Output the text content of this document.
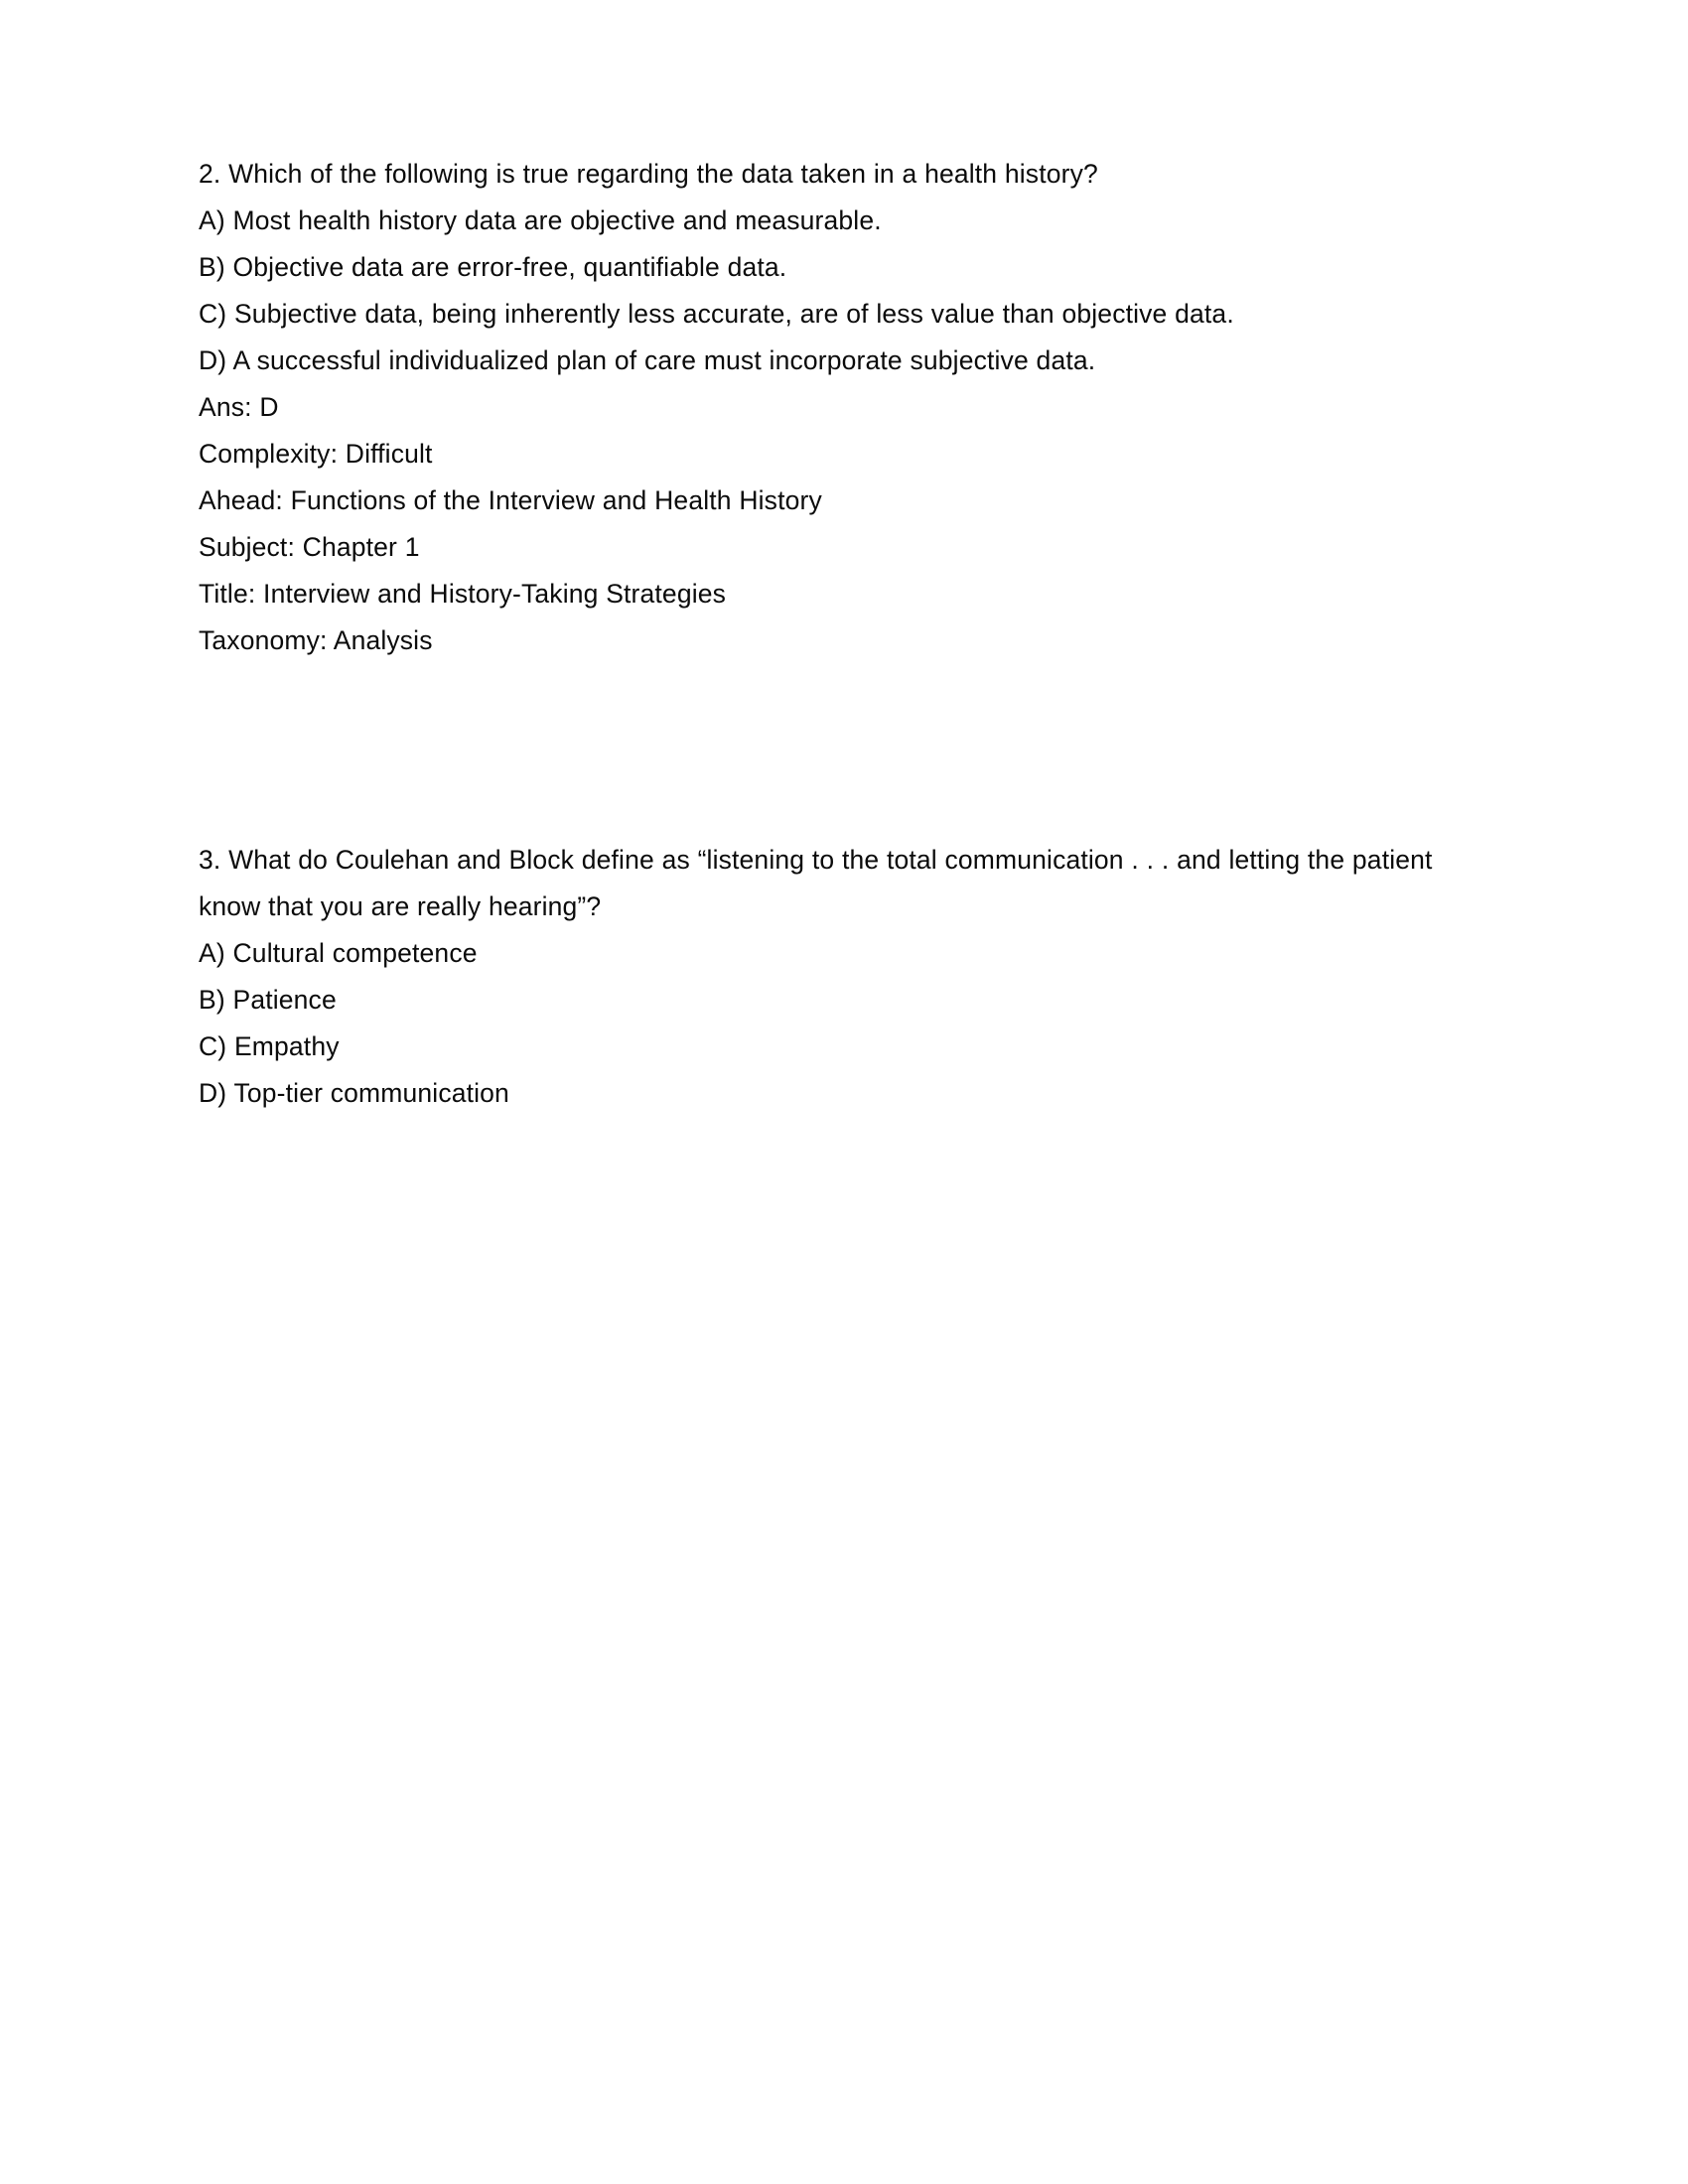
2. Which of the following is true regarding the data taken in a health history?
A) Most health history data are objective and measurable.
B) Objective data are error-free, quantifiable data.
C) Subjective data, being inherently less accurate, are of less value than objective data.
D) A successful individualized plan of care must incorporate subjective data.
Ans: D
Complexity: Difficult
Ahead: Functions of the Interview and Health History
Subject: Chapter 1
Title: Interview and History-Taking Strategies
Taxonomy: Analysis
3. What do Coulehan and Block define as “listening to the total communication . . . and letting the patient know that you are really hearing”?
A) Cultural competence
B) Patience
C) Empathy
D) Top-tier communication
